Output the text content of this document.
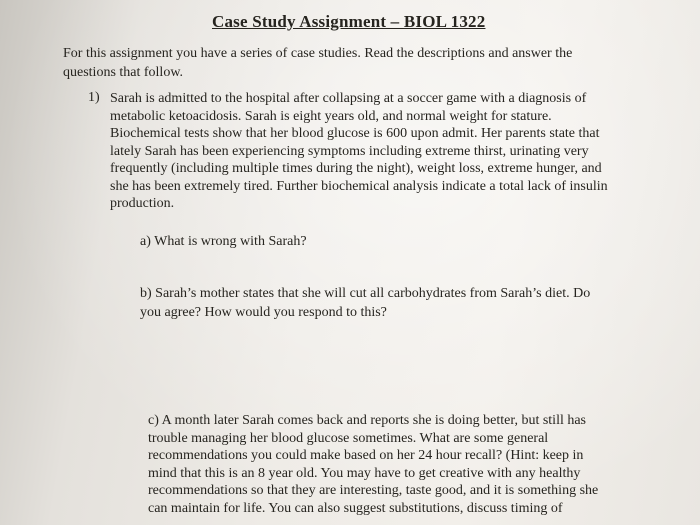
Case Study Assignment – BIOL 1322
For this assignment you have a series of case studies. Read the descriptions and answer the questions that follow.
1) Sarah is admitted to the hospital after collapsing at a soccer game with a diagnosis of metabolic ketoacidosis. Sarah is eight years old, and normal weight for stature. Biochemical tests show that her blood glucose is 600 upon admit. Her parents state that lately Sarah has been experiencing symptoms including extreme thirst, urinating very frequently (including multiple times during the night), weight loss, extreme hunger, and she has been extremely tired. Further biochemical analysis indicate a total lack of insulin production.
a) What is wrong with Sarah?
b) Sarah’s mother states that she will cut all carbohydrates from Sarah’s diet. Do you agree? How would you respond to this?
c) A month later Sarah comes back and reports she is doing better, but still has trouble managing her blood glucose sometimes. What are some general recommendations you could make based on her 24 hour recall? (Hint: keep in mind that this is an 8 year old. You may have to get creative with any healthy recommendations so that they are interesting, taste good, and it is something she can maintain for life. You can also suggest substitutions, discuss timing of
